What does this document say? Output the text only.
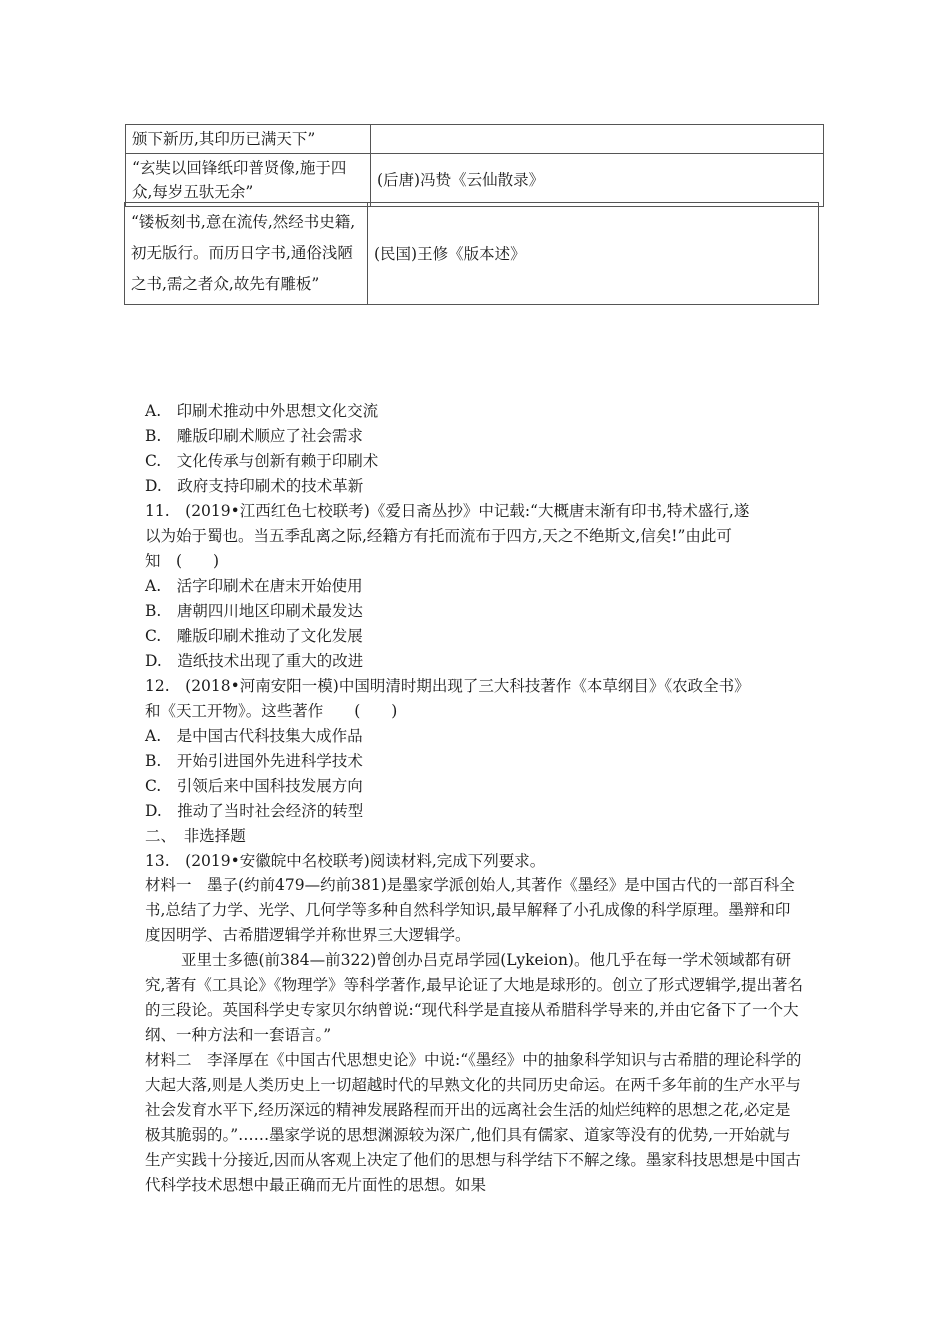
颁下新历,其印历已满天下”	
“玄奘以回锋纸印普贤像,施于四众,每岁五驮无余”	(后唐)冯贽《云仙散录》
“镂板刻书,意在流传,然经书史籍,初无版行。而历日字书,通俗浅陋之书,需之者众,故先有雕板”	(民国)王修《版本述》
A.　印刷术推动中外思想文化交流
B.　雕版印刷术顺应了社会需求
C.　文化传承与创新有赖于印刷术
D.　政府支持印刷术的技术革新
11.　(2019•江西红色七校联考)《爱日斋丛抄》中记载:“大概唐末渐有印书,特术盛行,遂
以为始于蜀也。当五季乱离之际,经籍方有托而流布于四方,天之不绝斯文,信矣!”由此可
知　(　　)
A.　活字印刷术在唐末开始使用
B.　唐朝四川地区印刷术最发达
C.　雕版印刷术推动了文化发展
D.　造纸技术出现了重大的改进
12.　(2018•河南安阳一模)中国明清时期出现了三大科技著作《本草纲目》《农政全书》
和《天工开物》。这些著作　　(　　)
A.　是中国古代科技集大成作品
B.　开始引进国外先进科学技术
C.　引领后来中国科技发展方向
D.　推动了当时社会经济的转型
二、　非选择题
13.　(2019•安徽皖中名校联考)阅读材料,完成下列要求。

材料一　墨子(约前479—约前381)是墨家学派创始人,其著作《墨经》是中国古代的一部百科全书,总结了力学、光学、几何学等多种自然科学知识,最早解释了小孔成像的科学原理。墨辩和印度因明学、古希腊逻辑学并称世界三大逻辑学。

亚里士多德(前384—前322)曾创办吕克昂学园(Lykeion)。他几乎在每一学术领域都有研究,著有《工具论》《物理学》等科学著作,最早论证了大地是球形的。创立了形式逻辑学,提出著名的三段论。英国科学史专家贝尔纳曾说:“现代科学是直接从希腊科学导来的,并由它备下了一个大纲、一种方法和一套语言。”

材料二　李泽厚在《中国古代思想史论》中说:“《墨经》中的抽象科学知识与古希腊的理论科学的大起大落,则是人类历史上一切超越时代的早熟文化的共同历史命运。在两千多年前的生产水平与社会发育水平下,经历深远的精神发展路程而开出的远离社会生活的灿烂纯粹的思想之花,必定是极其脆弱的。”……墨家学说的思想渊源较为深广,他们具有儒家、道家等没有的优势,一开始就与生产实践十分接近,因而从客观上决定了他们的思想与科学结下不解之缘。墨家科技思想是中国古代科学技术思想中最正确而无片面性的思想。如果
